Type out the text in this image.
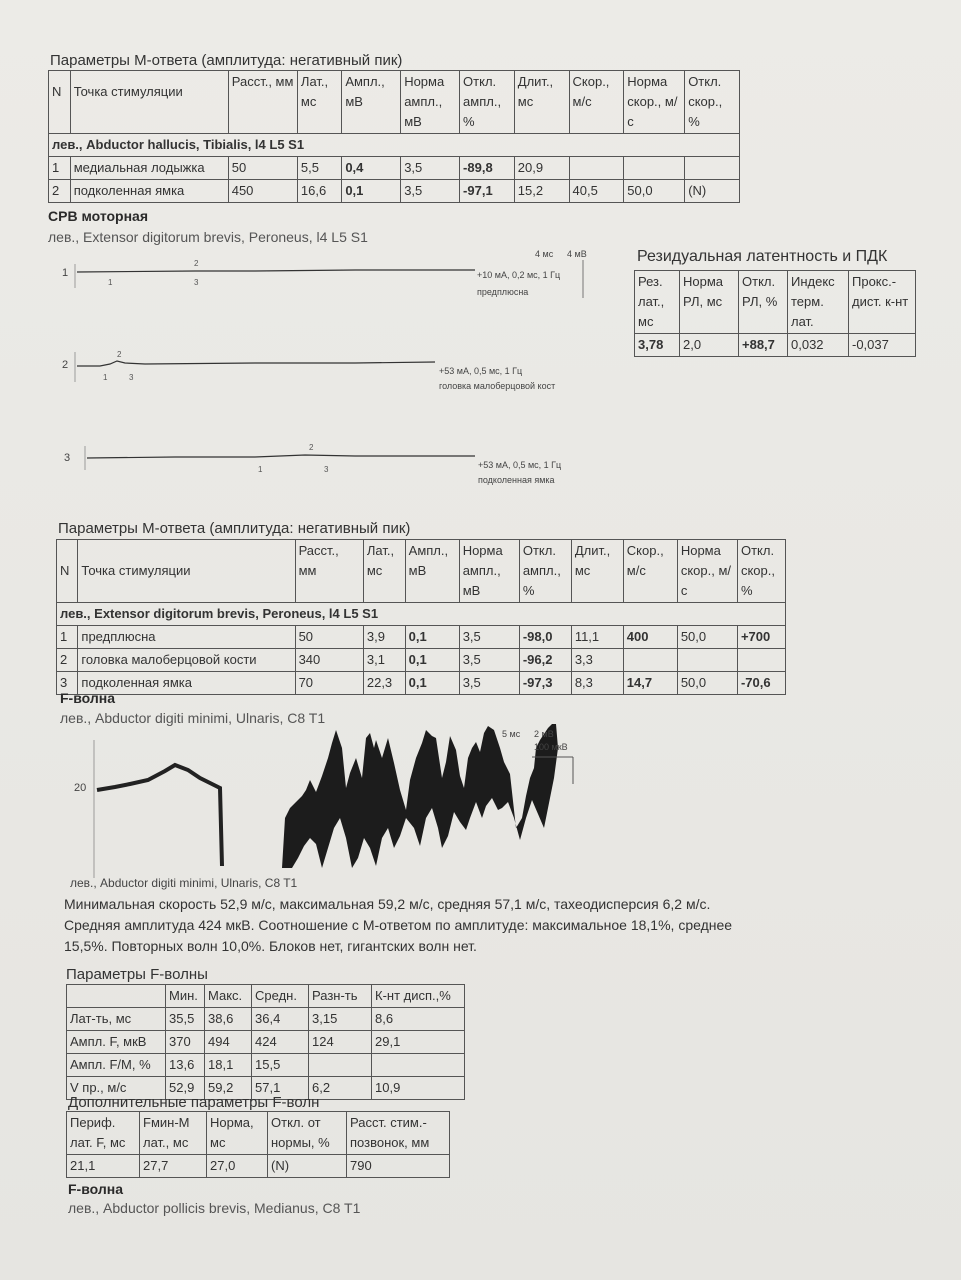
Параметры М-ответа (амплитуда: негативный пик)
N	Точка стимуляции	Расст., мм	Лат., мс	Ампл., мВ	Норма ампл., мВ	Откл. ампл., %	Длит., мс	Скор., м/с	Норма скор., м/с	Откл. скор., %
лев., Abductor hallucis, Tibialis, l4 L5 S1										
1	медиальная лодыжка	50	5,5	0,4	3,5	-89,8	20,9			
2	подколенная ямка	450	16,6	0,1	3,5	-97,1	15,2	40,5	50,0	(N)
СРВ моторная
лев., Extensor digitorum brevis, Peroneus, l4 L5 S1
4 мс 4 мВ
1
1
2
3
+10 мА, 0,2 мс, 1 Гц
предплюсна
2
1
2
3
+53 мА, 0,5 мс, 1 Гц
головка малоберцовой кост
3
1
2
3	+53 мА, 0,5 мс, 1 Гц
подколенная ямка
Резидуальная латентность и ПДК
Рез. лат., мс	Норма РЛ, мс	Откл. РЛ, %	Индекс терм. лат.	Прокс.-дист. к-нт
3,78	2,0	+88,7	0,032	-0,037
Параметры М-ответа (амплитуда: негативный пик)
N	Точка стимуляции	Расст., мм	Лат., мс	Ампл., мВ	Норма ампл., мВ	Откл. ампл., %	Длит., мс	Скор., м/с	Норма скор., м/с	Откл. скор., %
лев., Extensor digitorum brevis, Peroneus, l4 L5 S1										
1	предплюсна	50	3,9	0,1	3,5	-98,0	11,1	400	50,0	+700
2	головка малоберцовой кости	340	3,1	0,1	3,5	-96,2	3,3			
3	подколенная ямка	70	22,3	0,1	3,5	-97,3	8,3	14,7	50,0	-70,6
F-волна
лев., Abductor digiti minimi, Ulnaris, C8 T1
20
5 мс 2 мВ
100 мкВ
лев., Abductor digiti minimi, Ulnaris, C8 T1
Минимальная скорость 52,9 м/с, максимальная 59,2 м/с, средняя 57,1 м/с, тахеодисперсия 6,2 м/с.
Средняя амплитуда 424 мкВ. Соотношение с М-ответом по амплитуде: максимальное 18,1%, среднее
15,5%. Повторных волн 10,0%. Блоков нет, гигантских волн нет.
Параметры F-волны
	Мин.	Макс.	Средн.	Разн-ть	К-нт дисп.,%
Лат-ть, мс	35,5	38,6	36,4	3,15	8,6
Ампл. F, мкВ	370	494	424	124	29,1
Ампл. F/M, %	13,6	18,1	15,5		
V пр., м/с	52,9	59,2	57,1	6,2	10,9
Дополнительные параметры F-волн
Периф. лат. F, мс	Fмин-М лат., мс	Норма, мс	Откл. от нормы, %	Расст. стим.-позвонок, мм
21,1	27,7	27,0	(N)	790
F-волна
лев., Abductor pollicis brevis, Medianus, C8 T1
